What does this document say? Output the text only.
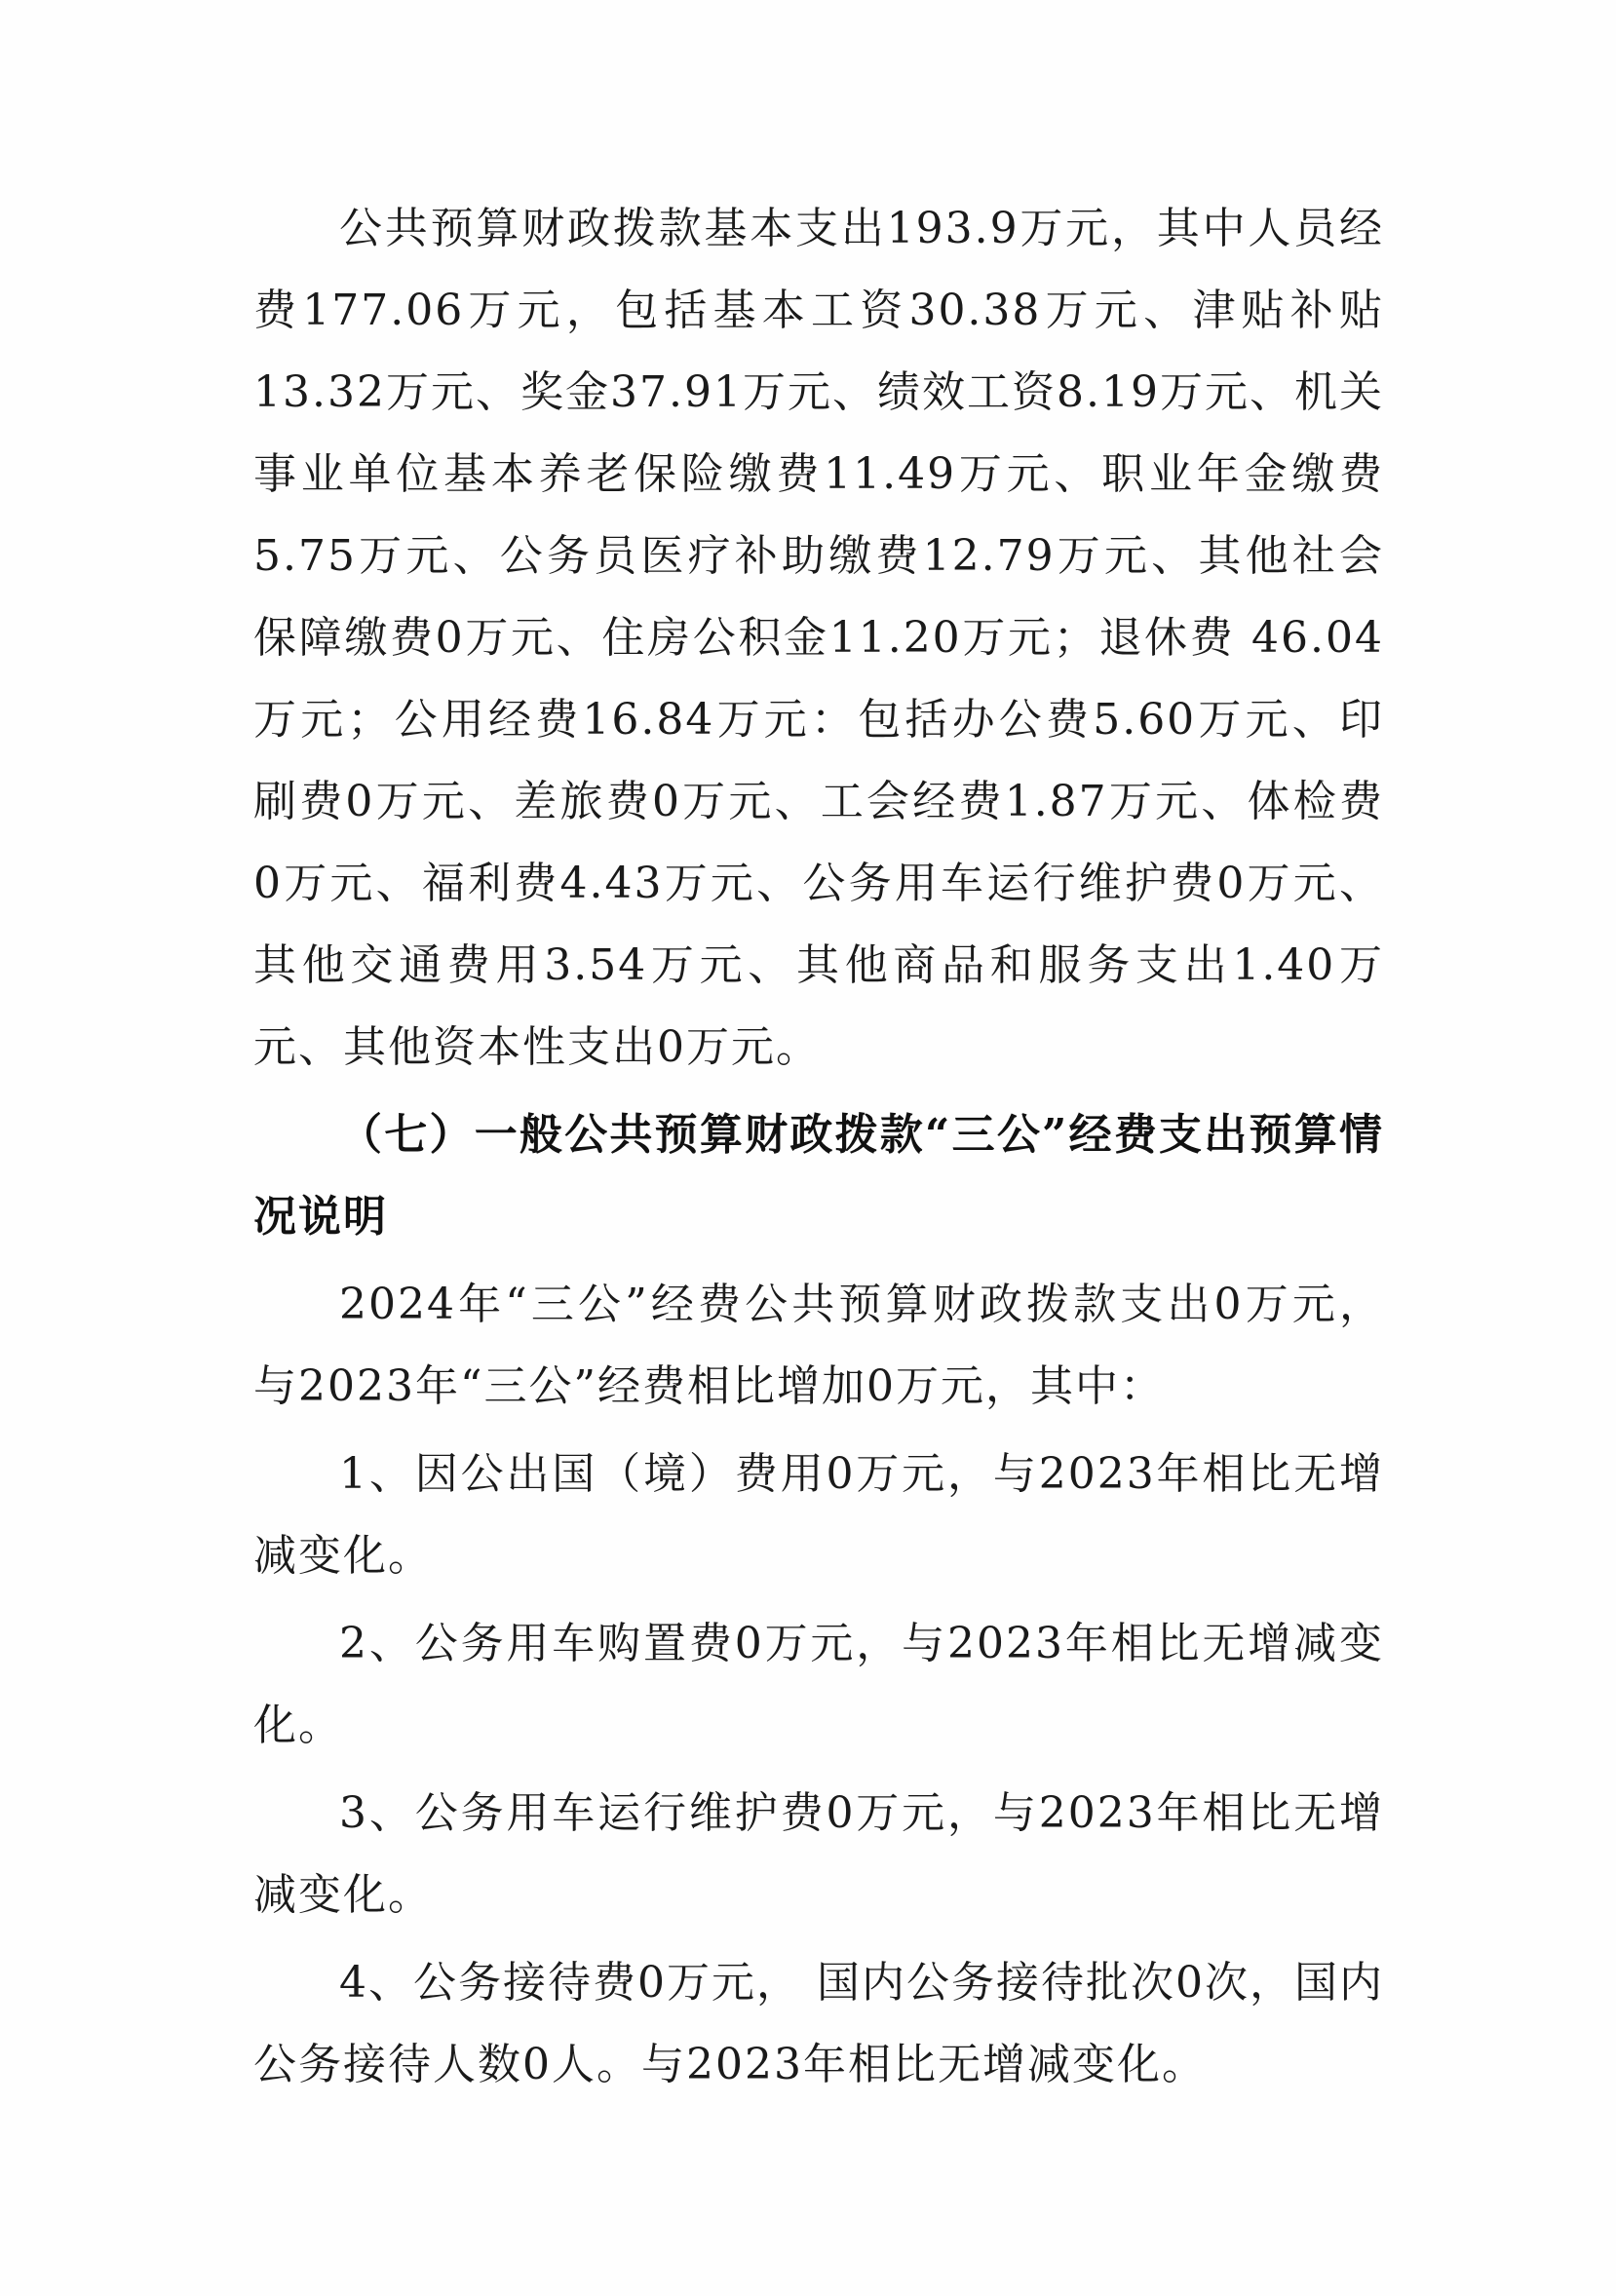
公共预算财政拨款基本支出193.9万元，其中人员经费177.06万元，包括基本工资30.38万元、津贴补贴13.32万元、奖金37.91万元、绩效工资8.19万元、机关事业单位基本养老保险缴费11.49万元、职业年金缴费5.75万元、公务员医疗补助缴费12.79万元、其他社会保障缴费0万元、住房公积金11.20万元；退休费 46.04万元；公用经费16.84万元：包括办公费5.60万元、印刷费0万元、差旅费0万元、工会经费1.87万元、体检费0万元、福利费4.43万元、公务用车运行维护费0万元、其他交通费用3.54万元、其他商品和服务支出1.40万元、其他资本性支出0万元。

（七）一般公共预算财政拨款“三公”经费支出预算情况说明

2024年“三公”经费公共预算财政拨款支出0万元，与2023年“三公”经费相比增加0万元，其中：

1、因公出国（境）费用0万元，与2023年相比无增减变化。

2、公务用车购置费0万元，与2023年相比无增减变化。

3、公务用车运行维护费0万元，与2023年相比无增减变化。

4、公务接待费0万元， 国内公务接待批次0次，国内公务接待人数0人。与2023年相比无增减变化。
